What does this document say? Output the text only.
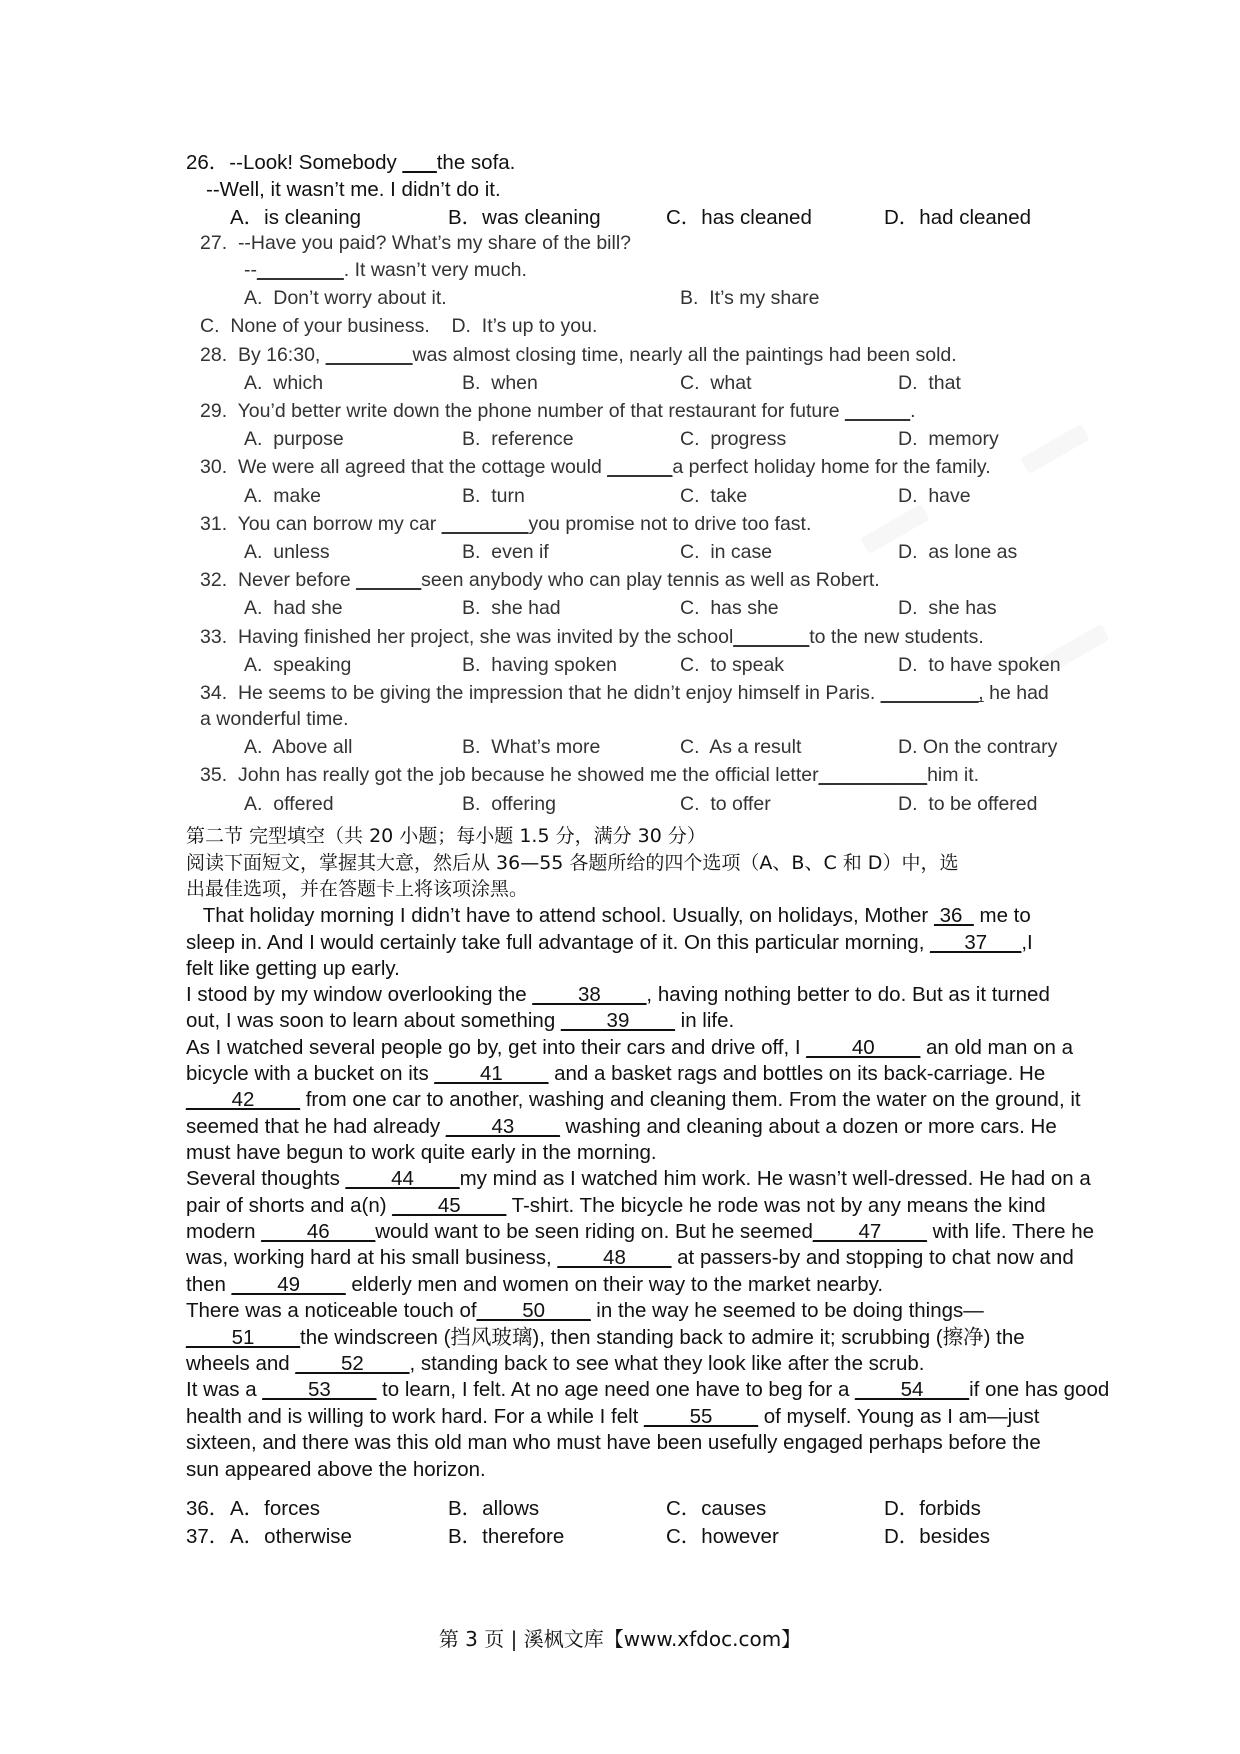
26．--Look! Somebody ___the sofa.
--Well, it wasn’t me. I didn’t do it.
A．is cleaning	B．was cleaning	C．has cleaned	D．had cleaned
27.  --Have you paid? What’s my share of the bill?
--________. It wasn’t very much.
A.  Don’t worry about it.	B.  It’s my share
C.  None of your business.    D.  It’s up to you.
28.  By 16:30, ________was almost closing time, nearly all the paintings had been sold.
A.  which	B.  when	C.  what	D.  that
29.  You’d better write down the phone number of that restaurant for future ______.
A.  purpose	B.  reference	C.  progress	D.  memory
30.  We were all agreed that the cottage would ______a perfect holiday home for the family.
A.  make	B.  turn	C.  take	D.  have
31.  You can borrow my car ________you promise not to drive too fast.
A.  unless	B.  even if	C.  in case	D.  as lone as
32.  Never before ______seen anybody who can play tennis as well as Robert.
A.  had she	B.  she had	C.  has she	D.  she has
33.  Having finished her project, she was invited by the school_______to the new students.
A.  speaking	B.  having spoken	C.  to speak	D.  to have spoken
34.  He seems to be giving the impression that he didn’t enjoy himself in Paris. _________, he had
a wonderful time.
A.  Above all	B.  What’s more	C.  As a result	D. On the contrary
35.  John has really got the job because he showed me the official letter__________him it.
A.  offered	B.  offering	C.  to offer	D.  to be offered
第二节 完型填空（共 20 小题；每小题 1.5 分，满分 30 分）
阅读下面短文，掌握其大意，然后从 36—55 各题所给的四个选项（A、B、C 和 D）中，选
出最佳选项，并在答题卡上将该项涂黑。
That holiday morning I didn’t have to attend school. Usually, on holidays, Mother  36   me to
sleep in. And I would certainly take full advantage of it. On this particular morning, ___37___,I
felt like getting up early.
I stood by my window overlooking the ____38____, having nothing better to do. But as it turned
out, I was soon to learn about something ____39____ in life.
As I watched several people go by, get into their cars and drive off, I ____40____ an old man on a
bicycle with a bucket on its ____41____ and a basket rags and bottles on its back-carriage. He
____42____ from one car to another, washing and cleaning them. From the water on the ground, it
seemed that he had already ____43____ washing and cleaning about a dozen or more cars. He
must have begun to work quite early in the morning.
Several thoughts ____44____my mind as I watched him work. He wasn’t well-dressed. He had on a
pair of shorts and a(n) ____45____ T-shirt. The bicycle he rode was not by any means the kind
modern ____46____would want to be seen riding on. But he seemed____47____ with life. There he
was, working hard at his small business, ____48____ at passers-by and stopping to chat now and
then ____49____ elderly men and women on their way to the market nearby.
There was a noticeable touch of____50____ in the way he seemed to be doing things—
____51____the windscreen (挡风玻璃), then standing back to admire it; scrubbing (擦净) the
wheels and ____52____, standing back to see what they look like after the scrub.
It was a ____53____ to learn, I felt. At no age need one have to beg for a ____54____if one has good
health and is willing to work hard. For a while I felt ____55____ of myself. Young as I am—just
sixteen, and there was this old man who must have been usefully engaged perhaps before the
sun appeared above the horizon.
36． A．forces	B．allows	C．causes	D．forbids
37． A．otherwise	B．therefore	C．however	D．besides
第 3 页 | 溪枫文库【www.xfdoc.com】
